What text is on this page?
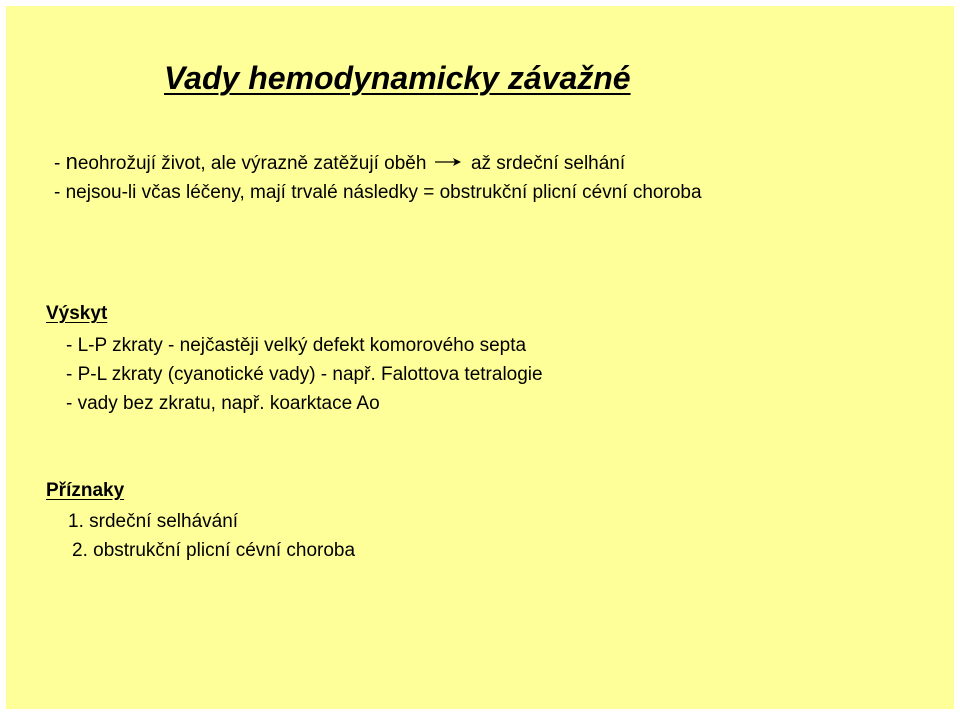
Vady hemodynamicky závažné
- neohrožují život, ale výrazně zatěžují oběh až srdeční selhání
- nejsou-li včas léčeny, mají trvalé následky = obstrukční plicní cévní choroba
Výskyt
- L-P zkraty - nejčastěji velký defekt komorového septa
- P-L zkraty (cyanotické vady) - např. Falottova tetralogie
- vady bez zkratu, např. koarktace Ao
Příznaky
1. srdeční selhávání
2. obstrukční plicní cévní choroba
